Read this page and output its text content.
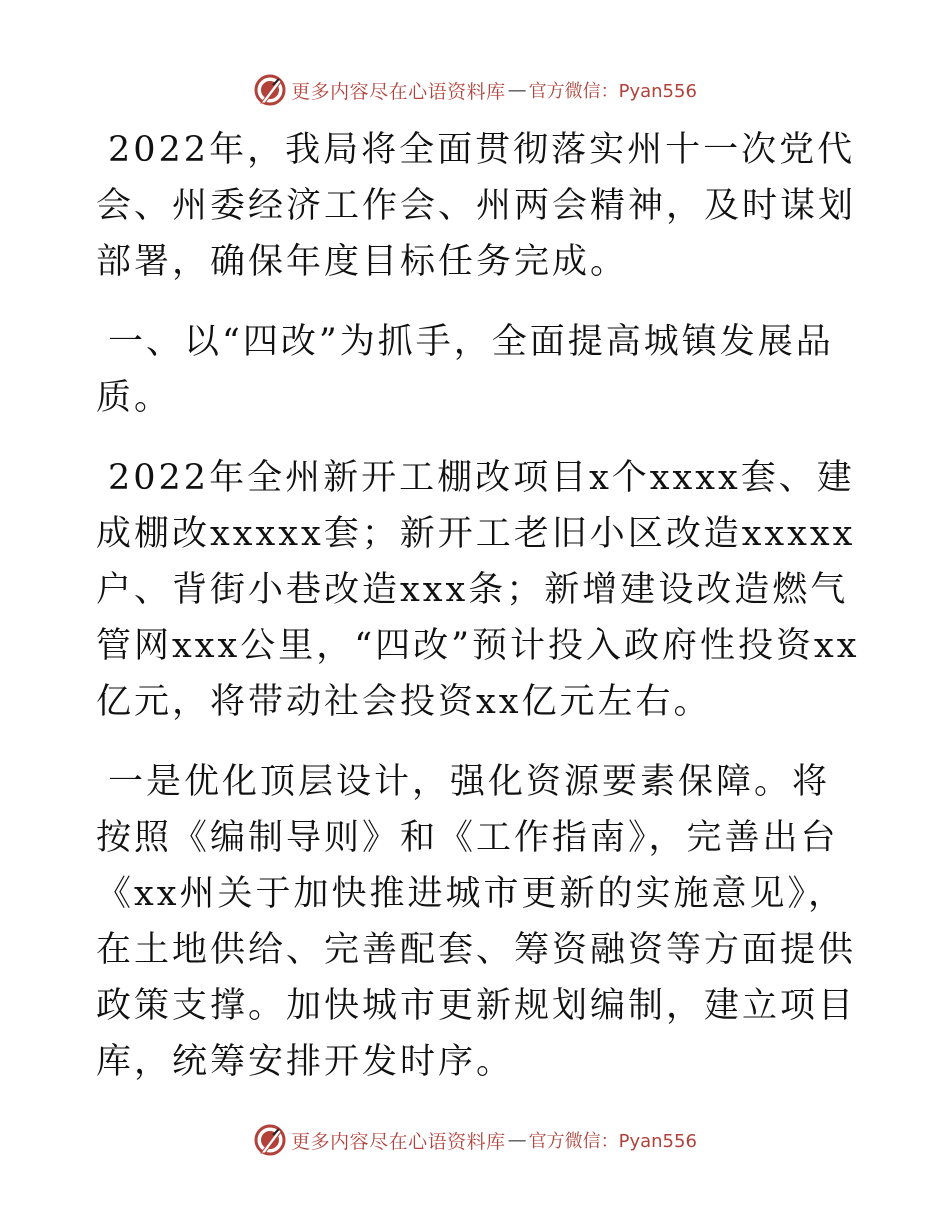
更多内容尽在心语资料库 — 官方微信：Pyan556

2022年，我局将全面贯彻落实州十一次党代会、州委经济工作会、州两会精神，及时谋划部署，确保年度目标任务完成。

一、以“四改”为抓手，全面提高城镇发展品质。

2022年全州新开工棚改项目x个xxxx套、建成棚改xxxxx套；新开工老旧小区改造xxxxx户、背街小巷改造xxx条；新增建设改造燃气管网xxx公里，“四改”预计投入政府性投资xx亿元，将带动社会投资xx亿元左右。

一是优化顶层设计，强化资源要素保障。将按照《编制导则》和《工作指南》，完善出台《xx州关于加快推进城市更新的实施意见》，在土地供给、完善配套、筹资融资等方面提供政策支撑。加快城市更新规划编制，建立项目库，统筹安排开发时序。

更多内容尽在心语资料库 — 官方微信：Pyan556
